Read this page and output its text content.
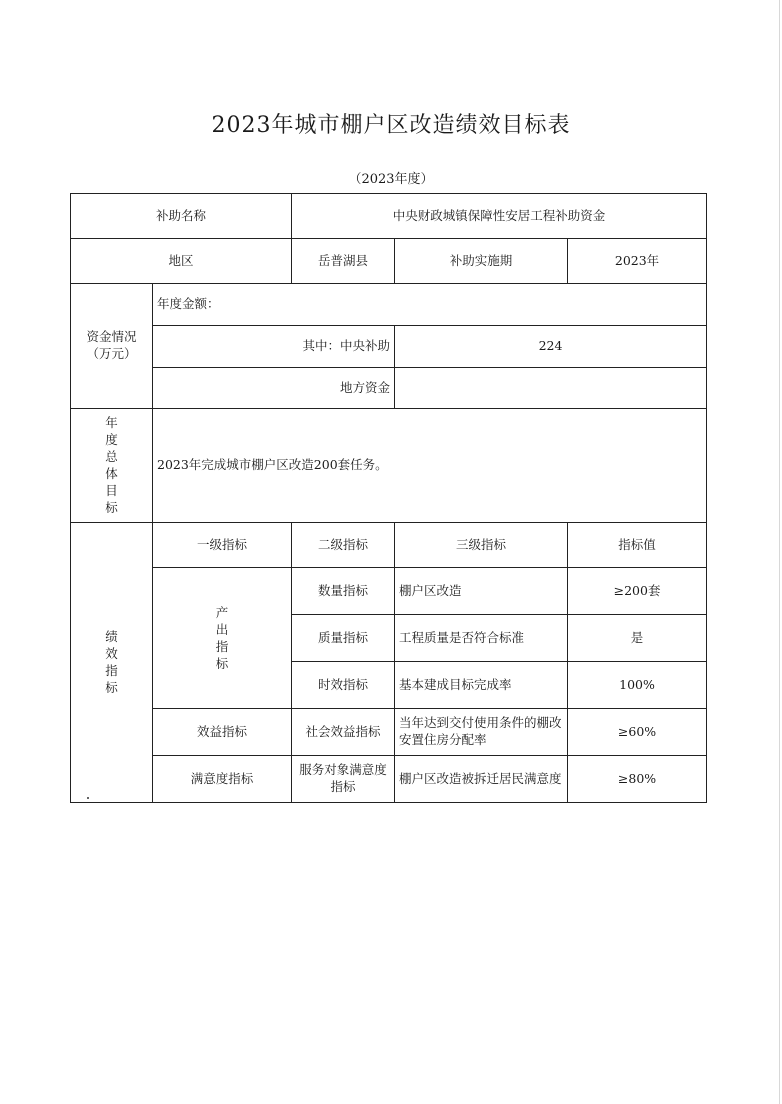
2023年城市棚户区改造绩效目标表
（2023年度）
补助名称		中央财政城镇保障性安居工程补助资金		
地区		岳普湖县	补助实施期	2023年
资金情况（万元）	年度金额：			
	其中：中央补助		224	
	地方资金			
年度总体目标	2023年完成城市棚户区改造200套任务。			
绩效指标	一级指标	二级指标	三级指标	指标值
	产出指标	数量指标	棚户区改造	≥200套
		质量指标	工程质量是否符合标准	是
		时效指标	基本建成目标完成率	100%
	效益指标	社会效益指标	当年达到交付使用条件的棚改安置住房分配率	≥60%
	满意度指标	服务对象满意度指标	棚户区改造被拆迁居民满意度	≥80%
